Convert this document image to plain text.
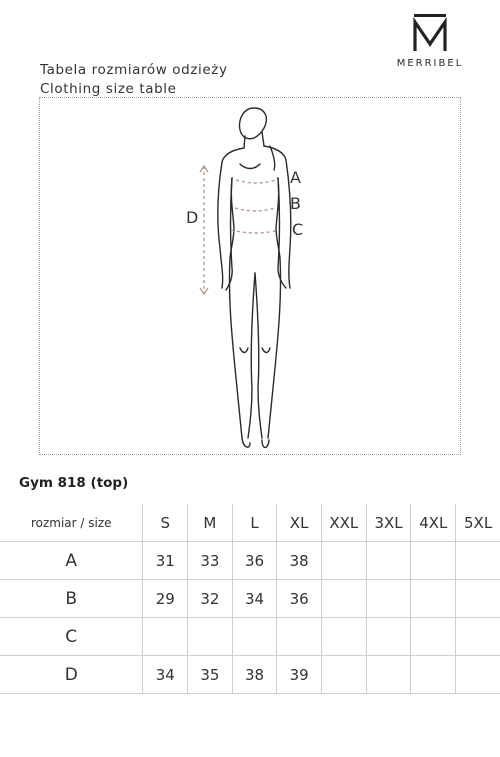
MERRIBEL
Tabela rozmiarów odzieży
Clothing size table
A
B
C
D
Gym 818 (top)
rozmiar / size	S	M	L	XL	XXL	3XL	4XL	5XL
A	31	33	36	38				
B	29	32	34	36				
C								
D	34	35	38	39				
